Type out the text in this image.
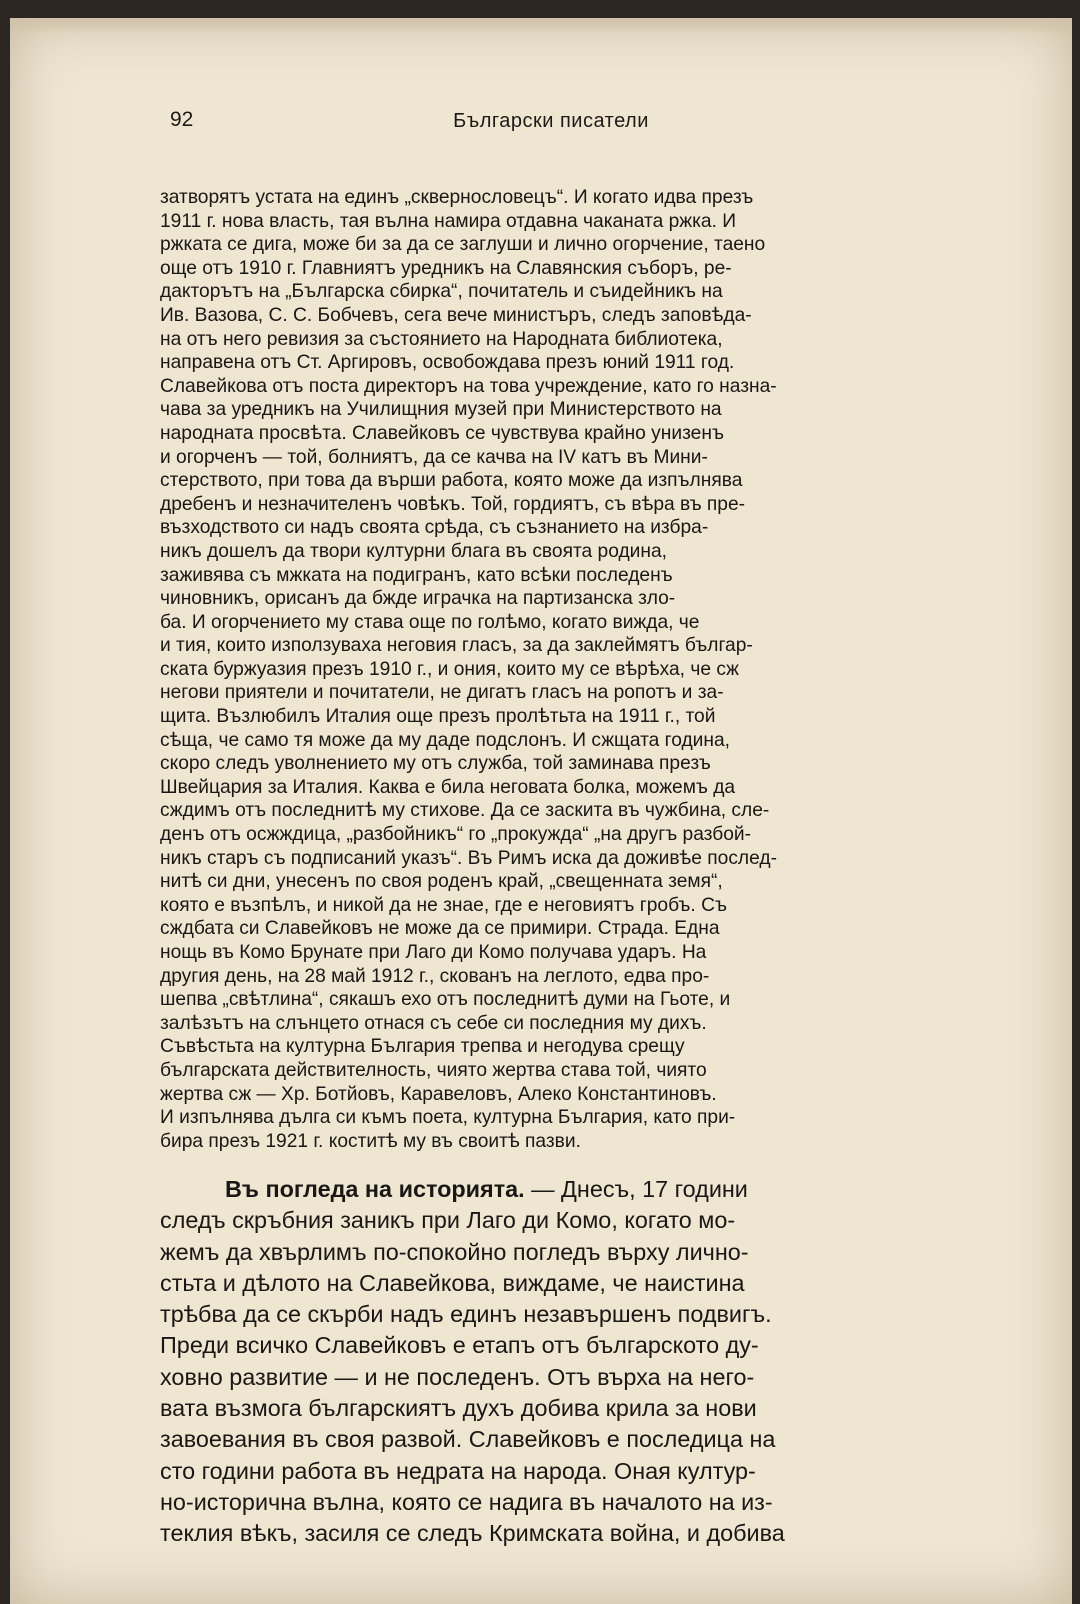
92	Български писатели
затворятъ устата на единъ „сквернословецъ“. И когато идва презъ
1911 г. нова власть, тая вълна намира отдавна чаканата ржка. И
ржката се дига, може би за да се заглуши и лично огорчение, таено
още отъ 1910 г. Главниятъ уредникъ на Славянския съборъ, ре-
дакторътъ на „Българска сбирка“, почитатель и съидейникъ на
Ив. Вазова, С. С. Бобчевъ, сега вече министъръ, следъ заповѣда-
на отъ него ревизия за състоянието на Народната библиотека,
направена отъ Ст. Аргировъ, освобождава презъ юний 1911 год.
Славейкова отъ поста директоръ на това учреждение, като го назна-
чава за уредникъ на Училищния музей при Министерството на
народната просвѣта. Славейковъ се чувствува крайно унизенъ
и огорченъ — той, болниятъ, да се качва на IV катъ въ Мини-
стерството, при това да върши работа, която може да изпълнява
дребенъ и незначителенъ човѣкъ. Той, гордиятъ, съ вѣра въ пре-
възходството си надъ своята срѣда, съ съзнанието на избра-
никъ дошелъ да твори културни блага въ своята родина,
заживява съ мжката на подигранъ, като всѣки последенъ
чиновникъ, орисанъ да бжде играчка на партизанска зло-
ба. И огорчението му става още по голѣмо, когато вижда, че
и тия, които използуваха неговия гласъ, за да заклеймятъ българ-
ската буржуазия презъ 1910 г., и ония, които му се вѣрѣха, че сж
негови приятели и почитатели, не дигатъ гласъ на ропотъ и за-
щита. Възлюбилъ Италия още презъ пролѣтьта на 1911 г., той
сѣща, че само тя може да му даде подслонъ. И сжщата година,
скоро следъ уволнението му отъ служба, той заминава презъ
Швейцария за Италия. Каква е била неговата болка, можемъ да
сждимъ отъ последнитѣ му стихове. Да се заскита въ чужбина, сле-
денъ отъ осжждица, „разбойникъ“ го „прокужда“ „на другъ разбой-
никъ старъ съ подписаний указъ“. Въ Римъ иска да доживѣе послед-
нитѣ си дни, унесенъ по своя роденъ край, „свещенната земя“,
която е възпѣлъ, и никой да не знае, где е неговиятъ гробъ. Съ
сждбата си Славейковъ не може да се примири. Страда. Една
нощь въ Комо Брунате при Лаго ди Комо получава ударъ. На
другия день, на 28 май 1912 г., скованъ на леглото, едва про-
шепва „свѣтлина“, сякашъ ехо отъ последнитѣ думи на Гьоте, и
залѣзътъ на слънцето отнася съ себе си последния му дихъ.
Съвѣстьта на културна България трепва и негодува срещу
българската действителность, чиято жертва става той, чиято
жертва сж — Хр. Ботйовъ, Каравеловъ, Алеко Константиновъ.
И изпълнява дълга си къмъ поета, културна България, като при-
бира презъ 1921 г. коститѣ му въ своитѣ пазви.
Въ погледа на историята. — Днесъ, 17 години
следъ скръбния заникъ при Лаго ди Комо, когато мо-
жемъ да хвърлимъ по-спокойно погледъ върху лично-
стьта и дѣлото на Славейкова, виждаме, че наистина
трѣбва да се скърби надъ единъ незавършенъ подвигъ.
Преди всичко Славейковъ е етапъ отъ българското ду-
ховно развитие — и не последенъ. Отъ върха на него-
вата възмога българскиятъ духъ добива крила за нови
завоевания въ своя развой. Славейковъ е последица на
сто години работа въ недрата на народа. Оная култур-
но-исторична вълна, която се надига въ началото на из-
теклия вѣкъ, засиля се следъ Кримската война, и добива
